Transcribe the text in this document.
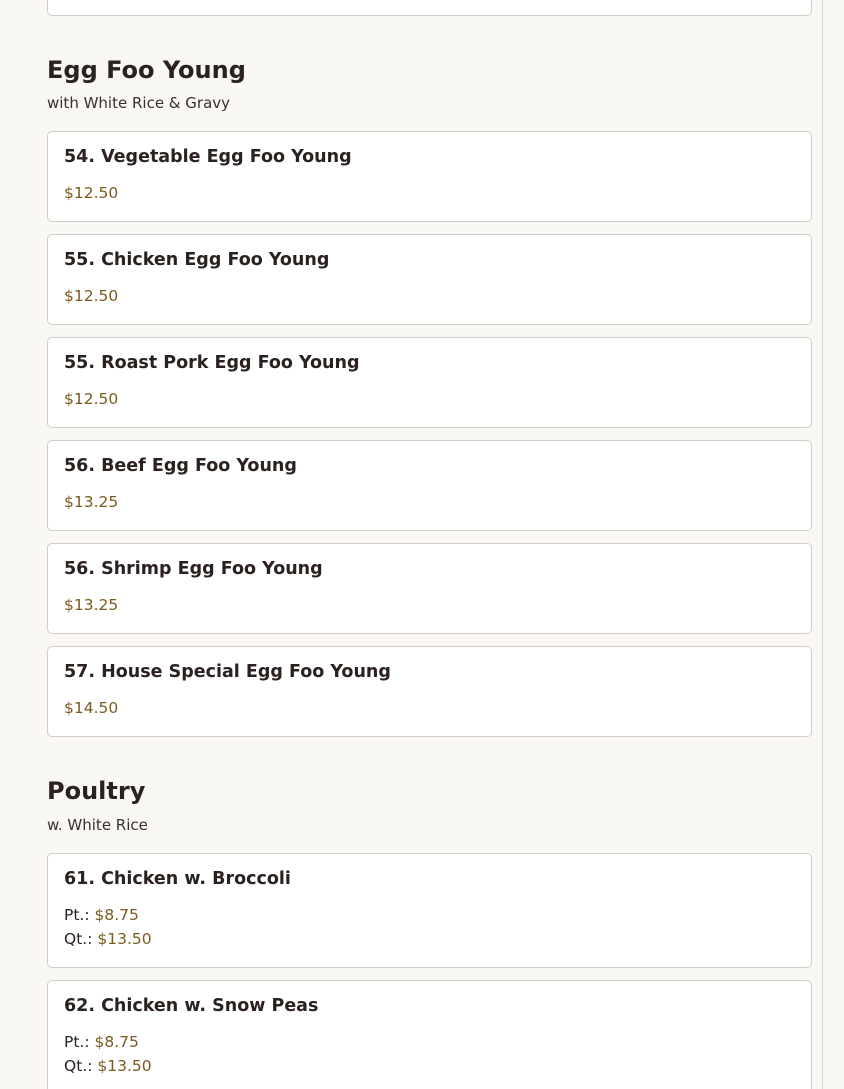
Egg Foo Young

with White Rice & Gravy

54. Vegetable Egg Foo Young

$12.50

55. Chicken Egg Foo Young

$12.50

55. Roast Pork Egg Foo Young

$12.50

56. Beef Egg Foo Young

$13.25

56. Shrimp Egg Foo Young

$13.25

57. House Special Egg Foo Young

$14.50

Poultry

w. White Rice

61. Chicken w. Broccoli

Pt.: $8.75

Qt.: $13.50

62. Chicken w. Snow Peas

Pt.: $8.75

Qt.: $13.50
